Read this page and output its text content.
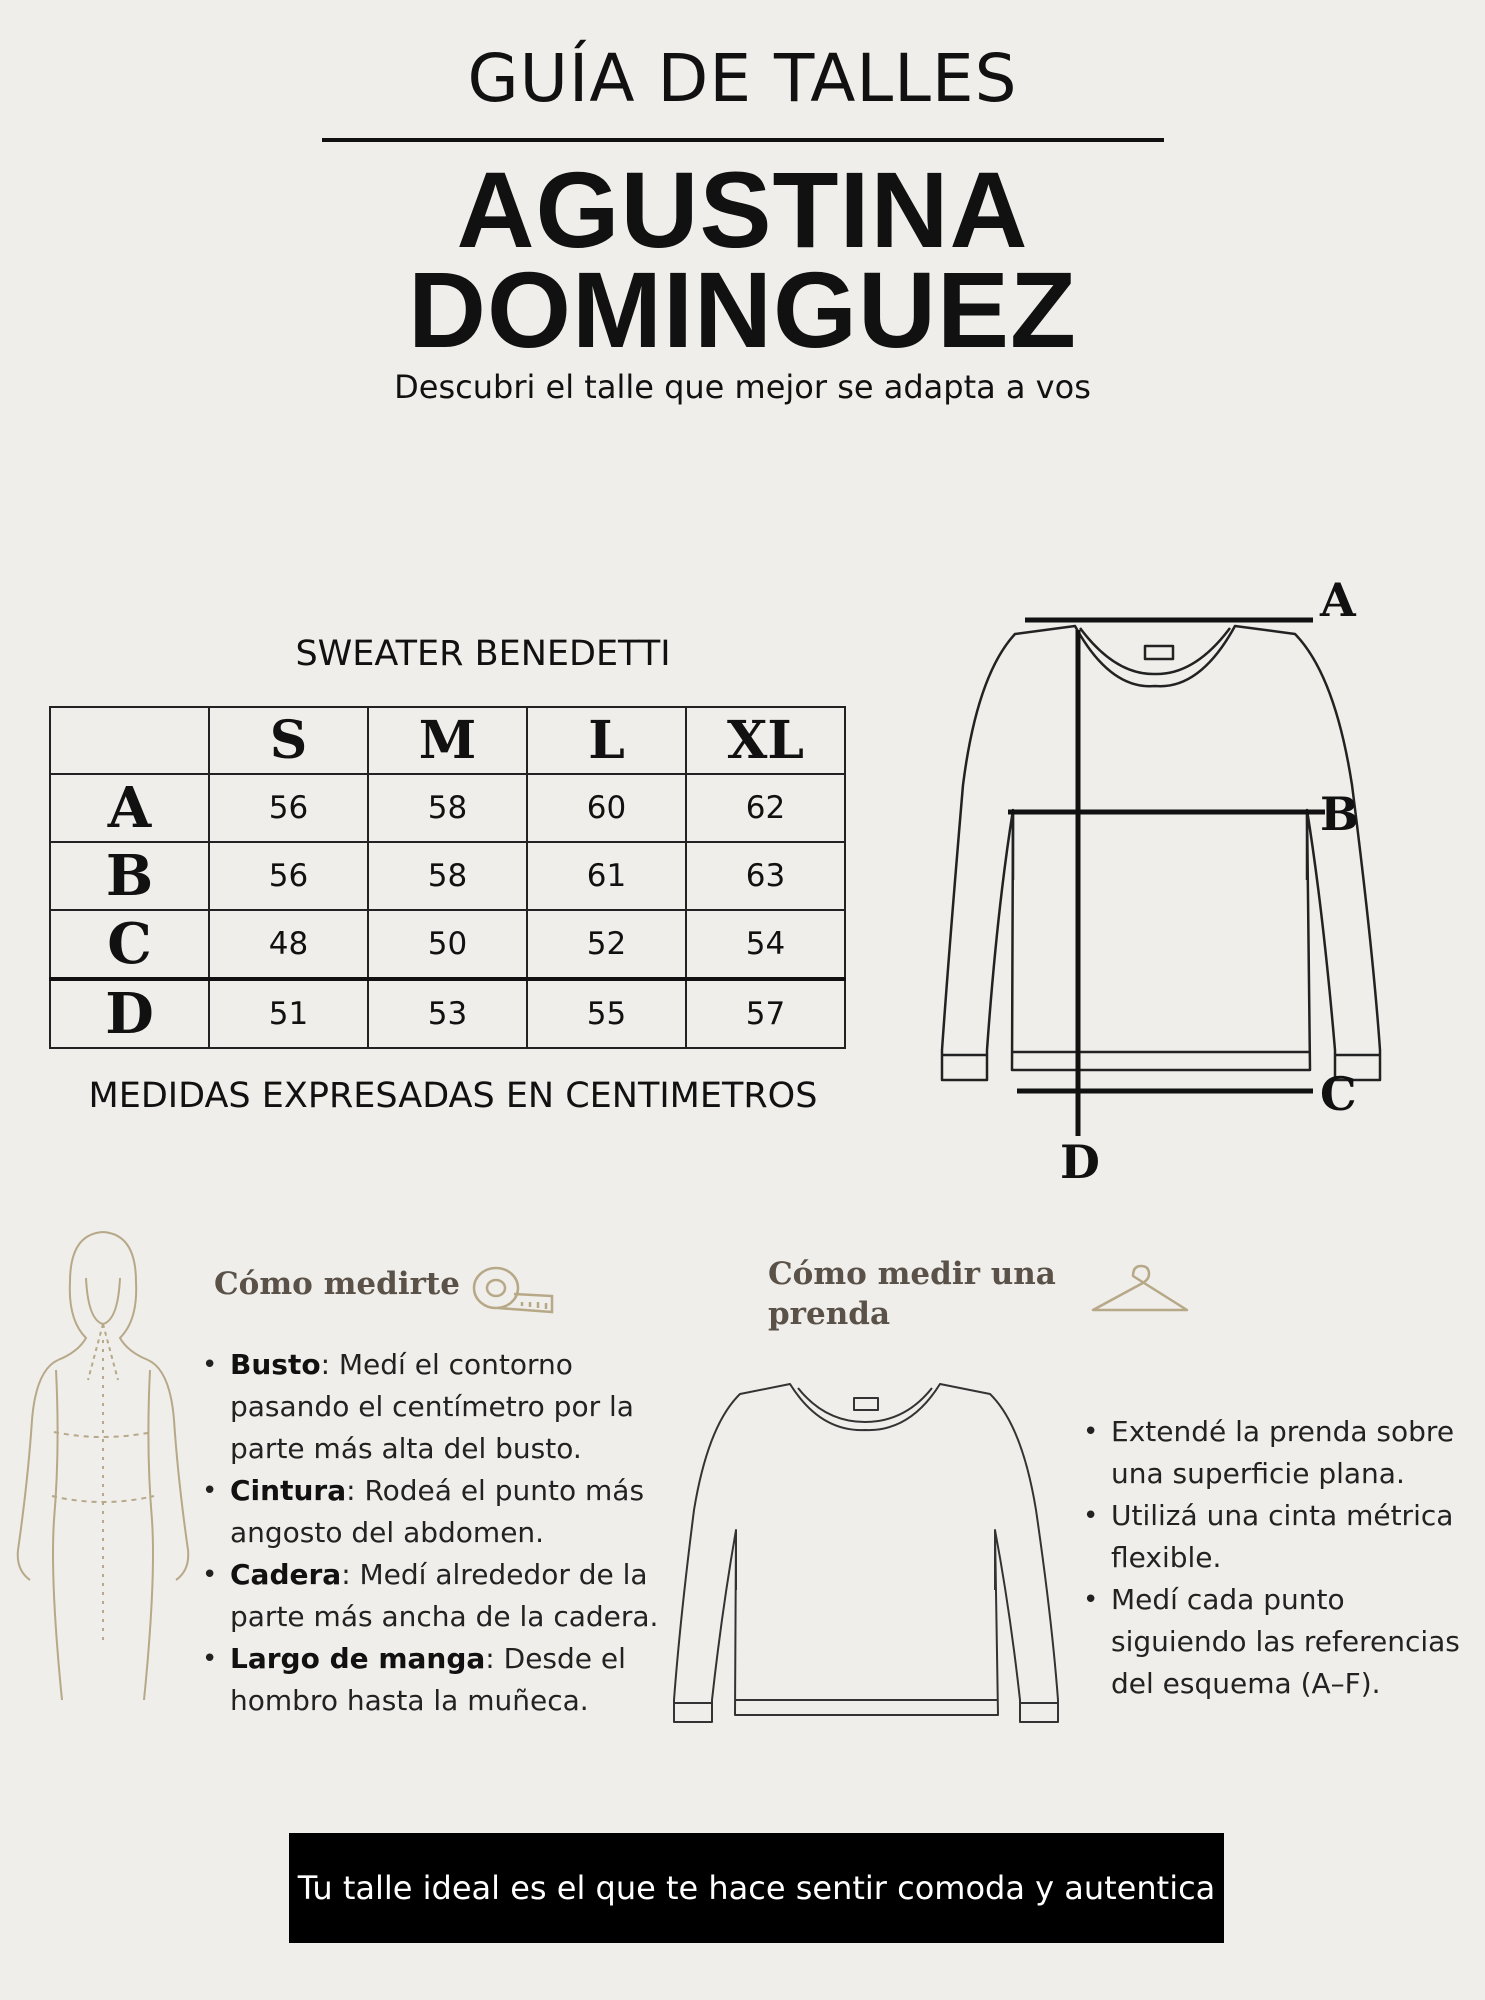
GUÍA DE TALLES
AGUSTINA
DOMINGUEZ
Descubri el talle que mejor se adapta a vos
SWEATER BENEDETTI
	S	M	L	XL
A	56	58	60	62
B	56	58	61	63
C	48	50	52	54
D	51	53	55	57
MEDIDAS EXPRESADAS EN CENTIMETROS
A
B
C
D
Cómo medirte
• Busto: Medí el contorno pasando el centímetro por la parte más alta del busto.
• Cintura: Rodeá el punto más angosto del abdomen.
• Cadera: Medí alrededor de la parte más ancha de la cadera.
• Largo de manga: Desde el hombro hasta la muñeca.
Cómo medir una prenda
• Extendé la prenda sobre una superficie plana.
• Utilizá una cinta métrica flexible.
• Medí cada punto siguiendo las referencias del esquema (A–F).
Tu talle ideal es el que te hace sentir comoda y autentica
